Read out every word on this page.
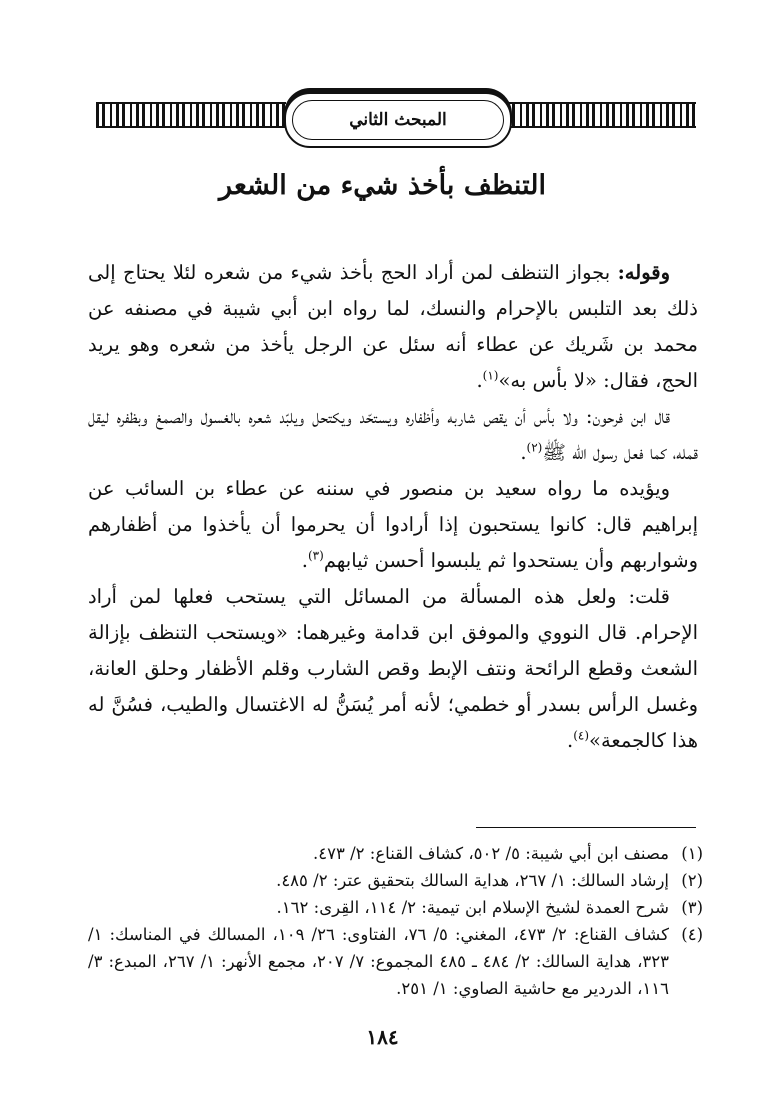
المبحث الثاني
التنظف بأخذ شيء من الشعر

وقوله: بجواز التنظف لمن أراد الحج بأخذ شيء من شعره لئلا يحتاج إلى ذلك بعد التلبس بالإحرام والنسك، لما رواه ابن أبي شيبة في مصنفه عن محمد بن شَريك عن عطاء أنه سئل عن الرجل يأخذ من شعره وهو يريد الحج، فقال: «لا بأس به»$^{(١)}$.

قال ابن فرحون: ولا بأس أن يقص شاربه وأظفاره ويستحّد ويكتحل ويلبّد شعره بالغسول والصمغ وبظفره ليقل قمله، كما فعل رسول الله ﷺ$^{(٢)}$.

ويؤيده ما رواه سعيد بن منصور في سننه عن عطاء بن السائب عن إبراهيم قال: كانوا يستحبون إذا أرادوا أن يحرموا أن يأخذوا من أظفارهم وشواربهم وأن يستحدوا ثم يلبسوا أحسن ثيابهم$^{(٣)}$.

قلت: ولعل هذه المسألة من المسائل التي يستحب فعلها لمن أراد الإحرام. قال النووي والموفق ابن قدامة وغيرهما: «ويستحب التنظف بإزالة الشعث وقطع الرائحة ونتف الإبط وقص الشارب وقلم الأظفار وحلق العانة، وغسل الرأس بسدر أو خطمي؛ لأنه أمر يُسَنُّ له الاغتسال والطيب، فسُنَّ له هذا كالجمعة»$^{(٤)}$.

(١)
مصنف ابن أبي شيبة: ٥/ ٥٠٢، كشاف القناع: ٢/ ٤٧٣.
(٢)
إرشاد السالك: ١/ ٢٦٧، هداية السالك بتحقيق عتر: ٢/ ٤٨٥.
(٣)
شرح العمدة لشيخ الإسلام ابن تيمية: ٢/ ١١٤، القِرى: ١٦٢.
(٤)
كشاف القناع: ٢/ ٤٧٣، المغني: ٥/ ٧٦، الفتاوى: ٢٦/ ١٠٩، المسالك في المناسك: ١/ ٣٢٣، هداية السالك: ٢/ ٤٨٤ ـ ٤٨٥ المجموع: ٧/ ٢٠٧، مجمع الأنهر: ١/ ٢٦٧، المبدع: ٣/ ١١٦، الدردير مع حاشية الصاوي: ١/ ٢٥١.
١٨٤
